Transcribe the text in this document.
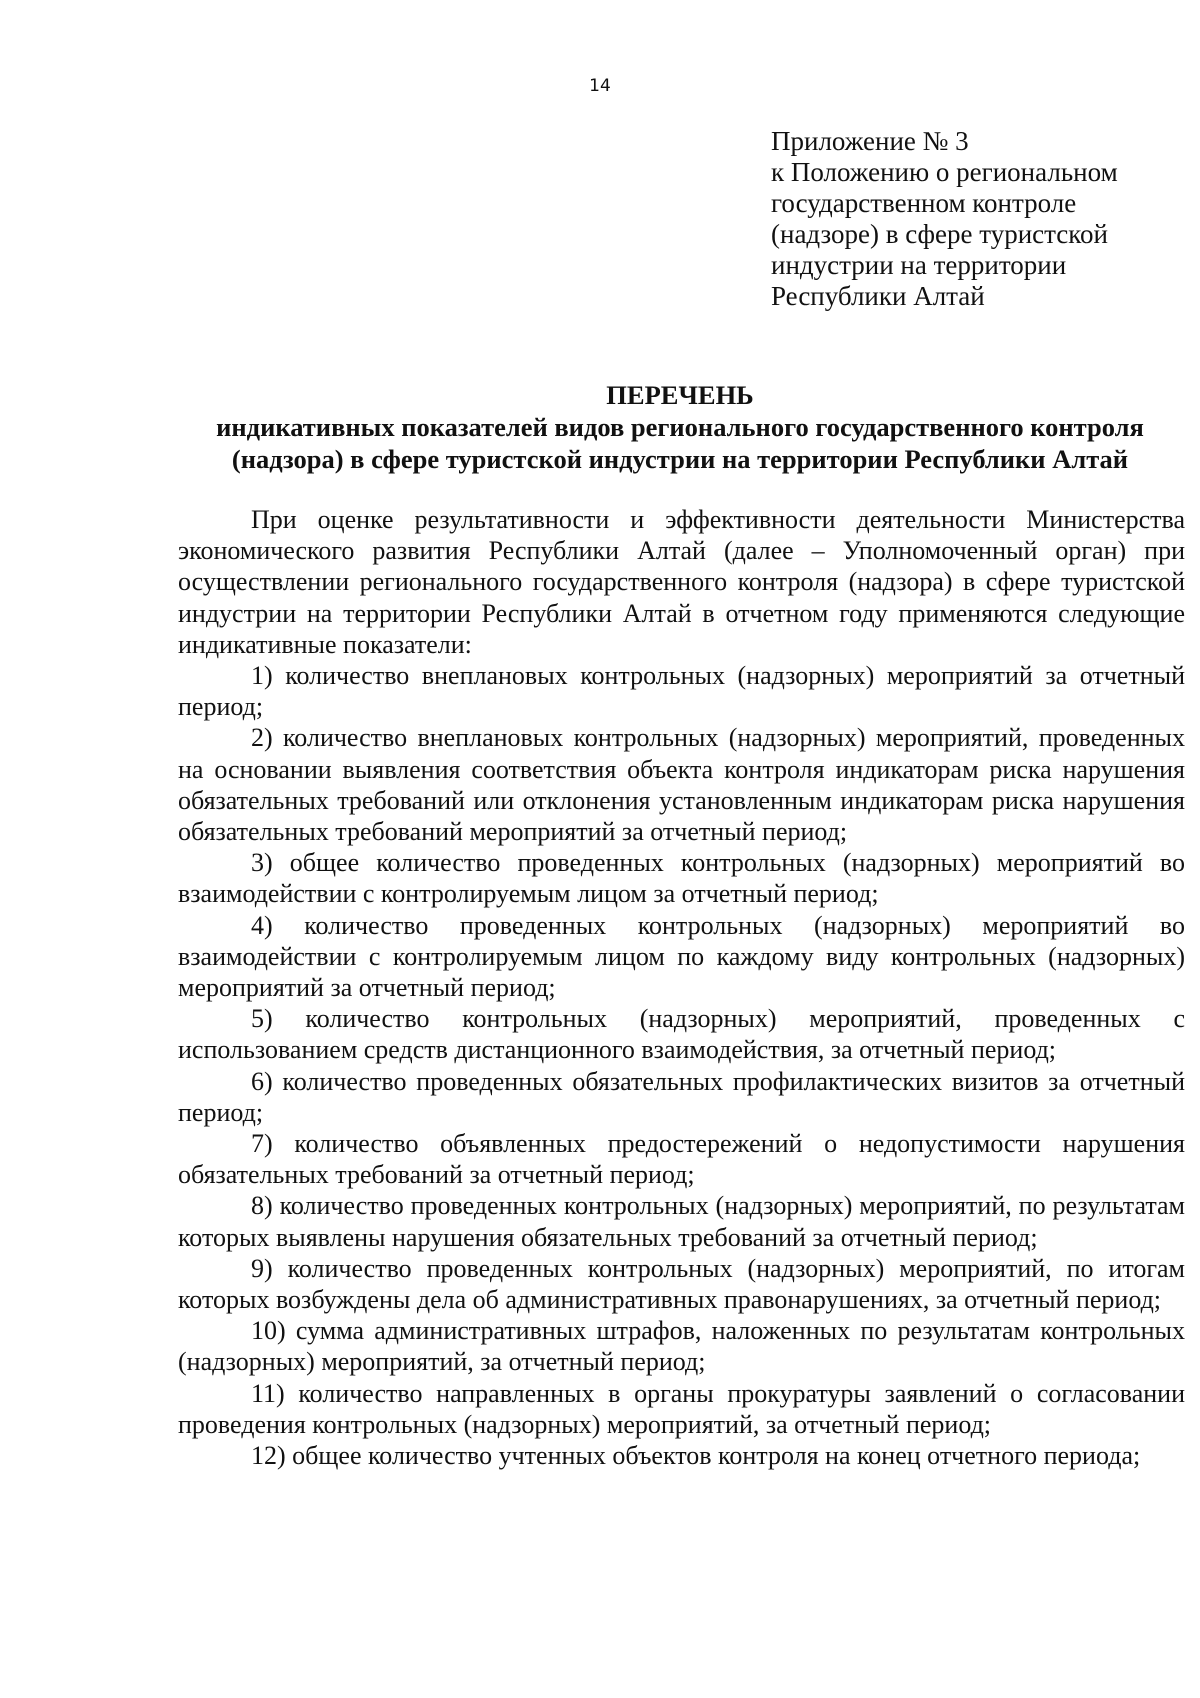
14
Приложение № 3
к Положению о региональном
государственном контроле
(надзоре) в сфере туристской
индустрии на территории
Республики Алтай
ПЕРЕЧЕНЬ
индикативных показателей видов регионального государственного контроля
(надзора) в сфере туристской индустрии на территории Республики Алтай

При оценке результативности и эффективности деятельности Министерства экономического развития Республики Алтай (далее – Уполномоченный орган) при осуществлении регионального государственного контроля (надзора) в сфере туристской индустрии на территории Республики Алтай в отчетном году применяются следующие индикативные показатели:

1) количество внеплановых контрольных (надзорных) мероприятий за отчетный период;

2) количество внеплановых контрольных (надзорных) мероприятий, проведенных на основании выявления соответствия объекта контроля индикаторам риска нарушения обязательных требований или отклонения установленным индикаторам риска нарушения обязательных требований мероприятий за отчетный период;

3) общее количество проведенных контрольных (надзорных) мероприятий во взаимодействии с контролируемым лицом за отчетный период;

4) количество проведенных контрольных (надзорных) мероприятий во взаимодействии с контролируемым лицом по каждому виду контрольных (надзорных) мероприятий за отчетный период;

5) количество контрольных (надзорных) мероприятий, проведенных с использованием средств дистанционного взаимодействия, за отчетный период;

6) количество проведенных обязательных профилактических визитов за отчетный период;

7) количество объявленных предостережений о недопустимости нарушения обязательных требований за отчетный период;

8) количество проведенных контрольных (надзорных) мероприятий, по результатам которых выявлены нарушения обязательных требований за отчетный период;

9) количество проведенных контрольных (надзорных) мероприятий, по итогам которых возбуждены дела об административных правонарушениях, за отчетный период;

10) сумма административных штрафов, наложенных по результатам контрольных (надзорных) мероприятий, за отчетный период;

11) количество направленных в органы прокуратуры заявлений о согласовании проведения контрольных (надзорных) мероприятий, за отчетный период;

12) общее количество учтенных объектов контроля на конец отчетного периода;
